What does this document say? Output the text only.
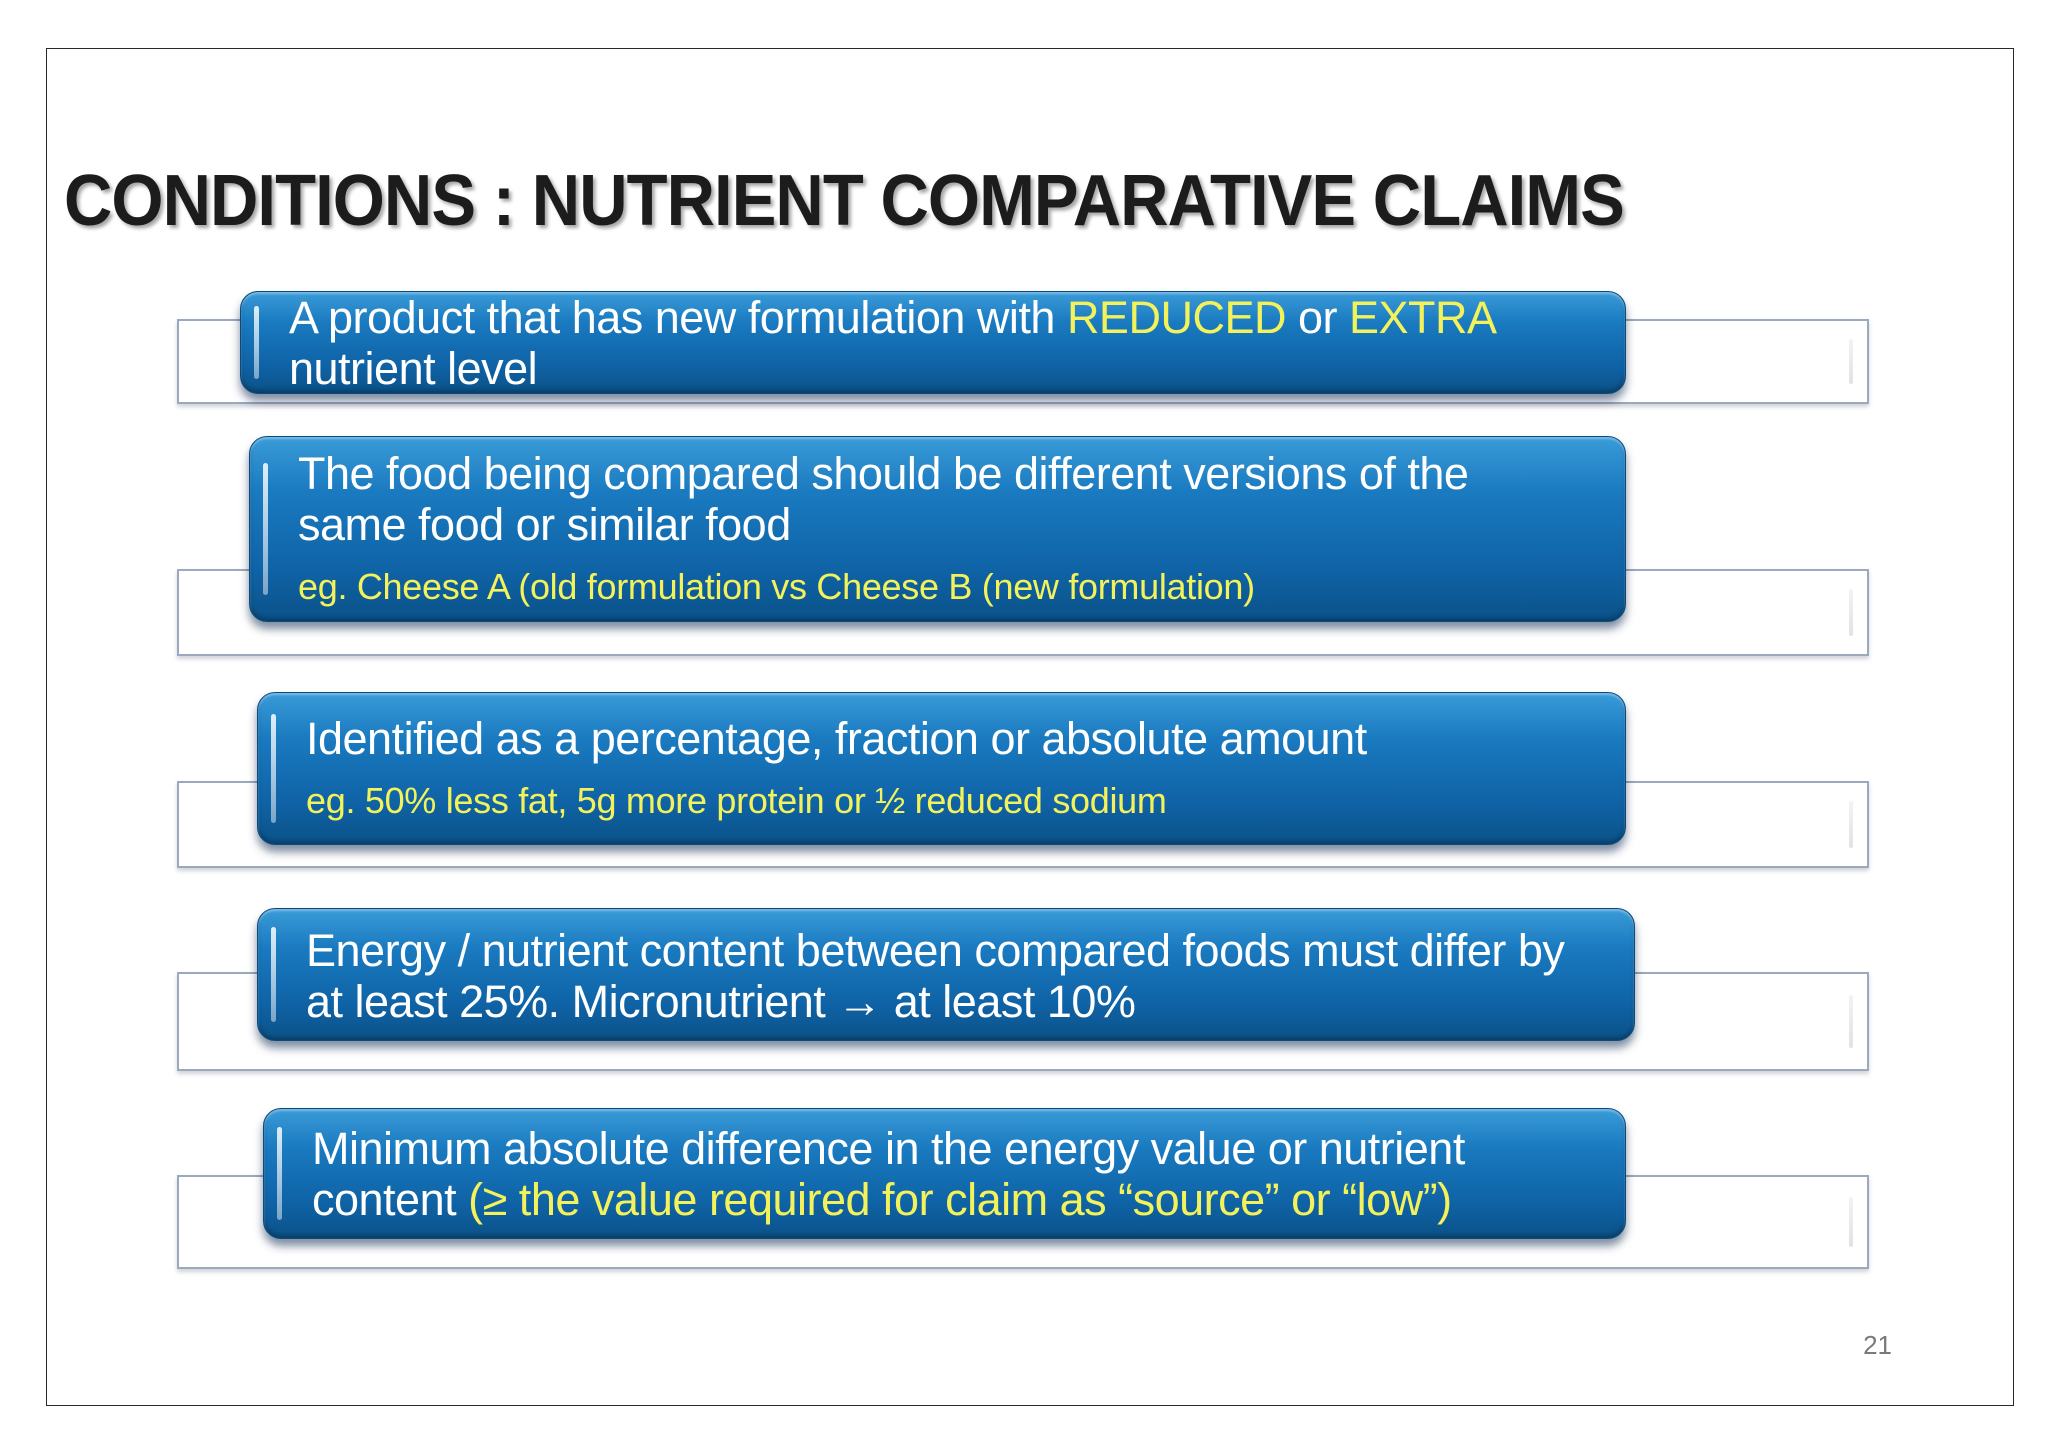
CONDITIONS : NUTRIENT COMPARATIVE CLAIMS
A product that has new formulation with REDUCED or EXTRA nutrient level
The food being compared should be different versions of the same food or similar food
eg. Cheese A (old formulation vs Cheese B (new formulation)
Identified as a percentage, fraction or absolute amount
eg. 50% less fat, 5g more protein or ½ reduced sodium
Energy / nutrient content between compared foods must differ by at least 25%. Micronutrient → at least 10%
Minimum absolute difference in the energy value or nutrient content (≥ the value required for claim as “source” or “low”)
21
